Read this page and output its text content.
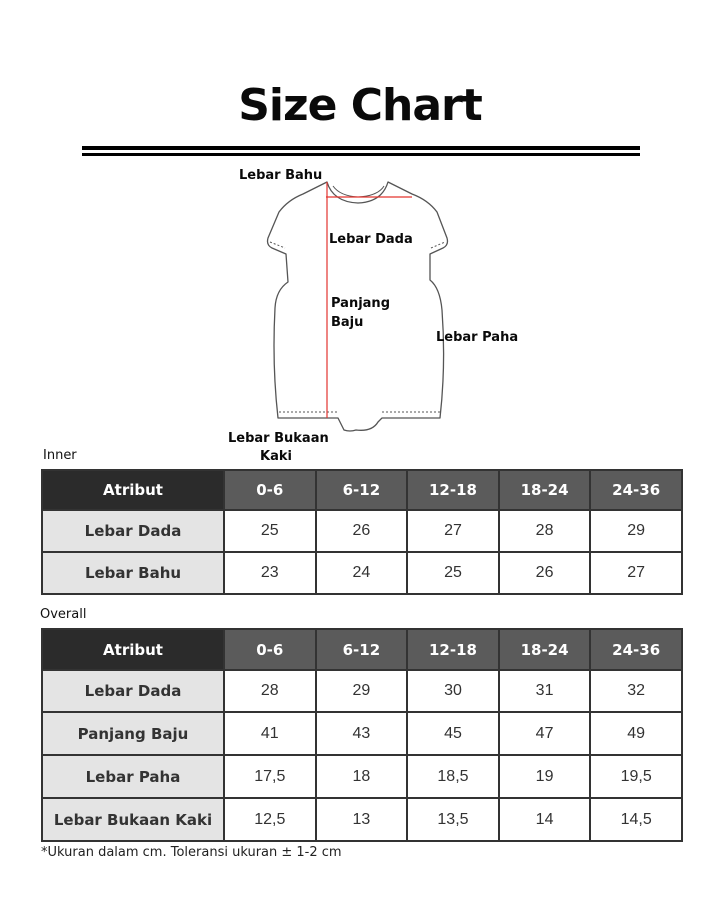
Size Chart
Lebar Bahu
Lebar Dada
Panjang
Baju
Lebar Paha
Lebar Bukaan
Kaki
Inner
Atribut	0-6	6-12	12-18	18-24	24-36
Lebar Dada	25	26	27	28	29
Lebar Bahu	23	24	25	26	27
Overall
Atribut	0-6	6-12	12-18	18-24	24-36
Lebar Dada	28	29	30	31	32
Panjang Baju	41	43	45	47	49
Lebar Paha	17,5	18	18,5	19	19,5
Lebar Bukaan Kaki	12,5	13	13,5	14	14,5
*Ukuran dalam cm. Toleransi ukuran ± 1-2 cm
